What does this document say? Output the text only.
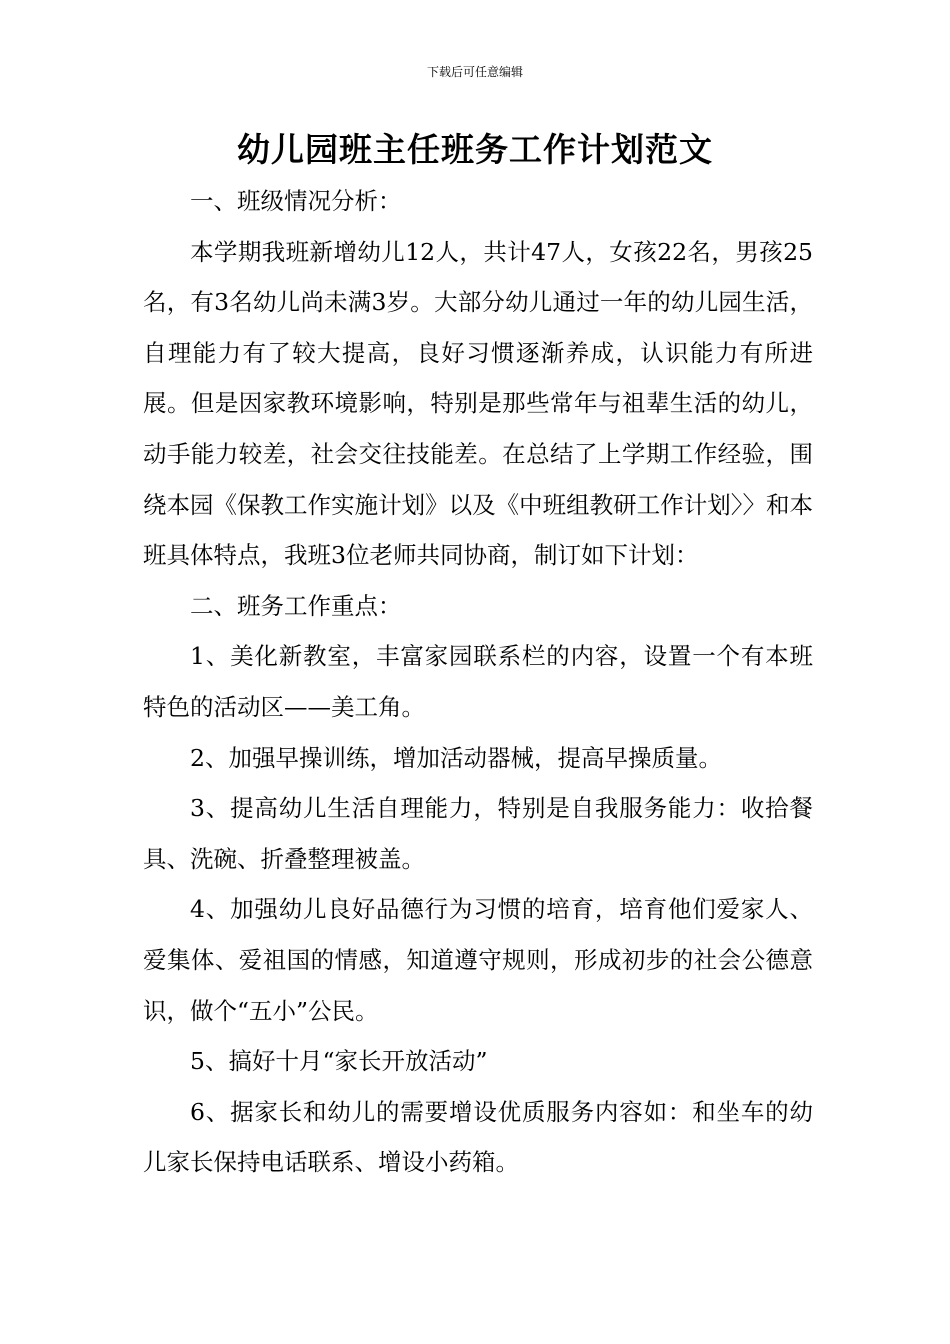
下载后可任意编辑
幼儿园班主任班务工作计划范文

一、班级情况分析：

本学期我班新增幼儿12人，共计47人，女孩22名，男孩25名，有3名幼儿尚未满3岁。大部分幼儿通过一年的幼儿园生活，自理能力有了较大提高，良好习惯逐渐养成，认识能力有所进展。但是因家教环境影响，特别是那些常年与祖辈生活的幼儿，动手能力较差，社会交往技能差。在总结了上学期工作经验，围绕本园《保教工作实施计划》以及《中班组教研工作计划〉〉和本班具体特点，我班3位老师共同协商，制订如下计划：

二、班务工作重点：

1、美化新教室，丰富家园联系栏的内容，设置一个有本班特色的活动区——美工角。

2、加强早操训练，增加活动器械，提高早操质量。

3、提高幼儿生活自理能力，特别是自我服务能力：收拾餐具、洗碗、折叠整理被盖。

4、加强幼儿良好品德行为习惯的培育，培育他们爱家人、爱集体、爱祖国的情感，知道遵守规则，形成初步的社会公德意识，做个“五小”公民。

5、搞好十月“家长开放活动”

6、据家长和幼儿的需要增设优质服务内容如：和坐车的幼儿家长保持电话联系、增设小药箱。
